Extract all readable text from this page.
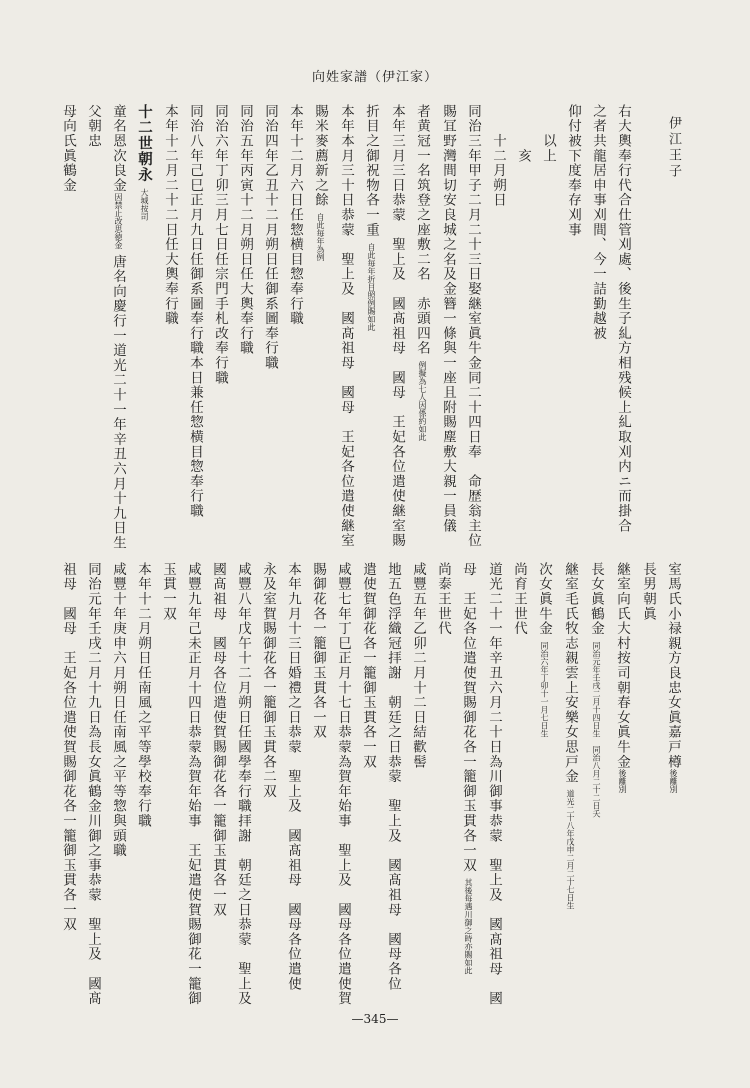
向姓家譜（伊江家）
伊江王子
右大輿奉行代合仕管刈處、後生子糺方相残候上糺取刈内ニ而掛合
之者共龍居申事刈間、今一詰勤越被
仰付被下度奉存刈事
　　以上
　　　亥
　　十二月朔日
同治三年甲子二月二十三日娶継室眞牛金同二十四日奉　命歴翁主位
賜冝野灣間切安良城之名及金簪一條與一座且附賜塵敷大親一員儀
者黄冠一名筑登之座敷二名　赤頭四名 例擬為七人因係約如此
本年三月三日恭蒙　聖上及　國髙祖母　國母　王妃各位遣使継室賜
折目之御祝物各一重 自此毎年折目照例賜如此
本年本月三十日恭蒙　聖上及　國髙祖母　國母　王妃各位遣使継室
賜米麥薦新之餘 自此毎年為例
本年十二月六日任惣横目惣奉行職
同治四年乙丑十二月朔日任御系圖奉行職
同治五年丙寅十二月朔日任大輿奉行職
同治六年丁卯三月七日任宗門手札改奉行職
同治八年己巳正月九日任御系圖奉行職本日兼任惣横目惣奉行職
本年十二月二十二日任大輿奉行職
十二世朝永 大城按司
童名恩次良金因禁止改思徳金 唐名向慶行一道光二十一年辛丑六月十九日生
父朝忠
母向氏眞鶴金
室馬氏小禄親方良忠女眞嘉戸樽後離別
長男朝眞
継室向氏大村按司朝春女眞牛金後離別
長女眞鶴金 同治元年壬戌二月十四日生　同治八月二十二日夭
継室毛氏牧志親雲上安樂女思戸金 道光二十八年戊申二月二十七日生
次女眞牛金 同治六年丁卯十一月七日生
尚育王世代
道光二十一年辛丑六月二十日為川御事恭蒙　聖上及　國髙祖母　國
母　王妃各位遣使賀賜御花各一籠御玉貫各一双 其後每遇川御之時亦賜如此
尚泰王世代
咸豐五年乙卯二月十二日結歡髻
地五色浮織冠拝謝　朝廷之日恭蒙　聖上及　國髙祖母　國母各位
遣使賀御花各一籠御玉貫各一双
咸豐七年丁巳正月十七日恭蒙為賀年始事　聖上及　國母各位遣使賀
賜御花各一籠御玉貫各一双
本年九月十三日婚禮之日恭蒙　聖上及　國髙祖母　國母各位遣使
永及室賀賜御花各一籠御玉貫各二双
咸豐八年戊午十二月朔日任國學奉行職拝謝　朝廷之日恭蒙　聖上及
國髙祖母　國母各位遣使賀賜御花各一籠御玉貫各一双
咸豐九年己未正月十四日恭蒙為賀年始事　王妃遣使賀賜御花一籠御
玉貫一双
本年十二月朔日任南風之平等學校奉行職
咸豐十年庚申六月朔日任南風之平等惣與頭職
同治元年壬戌二月十九日為長女眞鶴金川御之事恭蒙　聖上及　國髙
祖母　國母　王妃各位遣使賀賜御花各一籠御玉貫各一双
—345—
